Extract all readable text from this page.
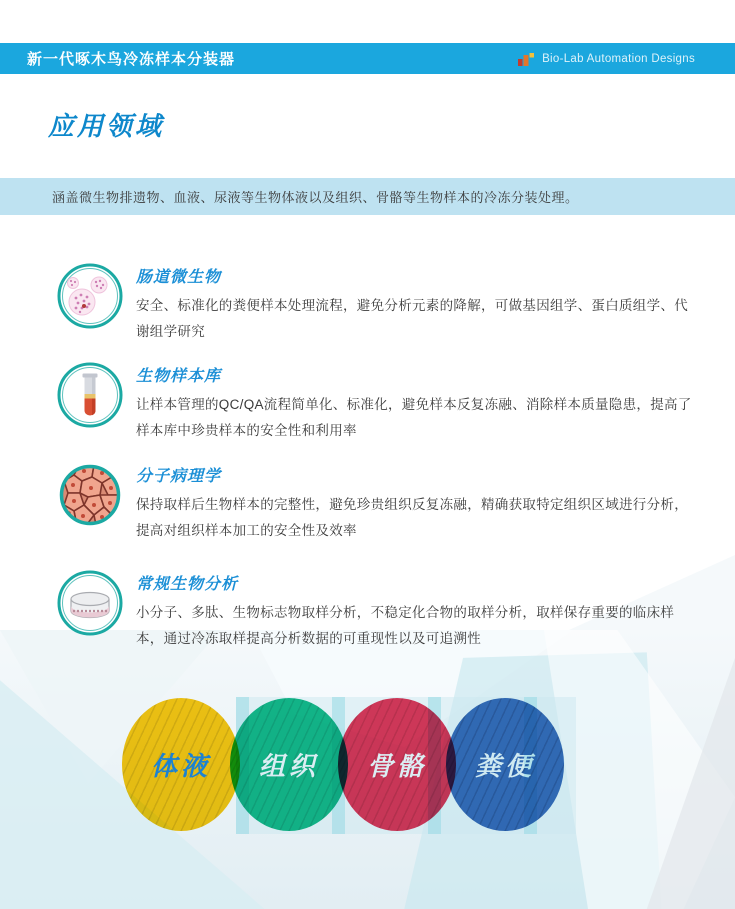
新一代啄木鸟冷冻样本分装器	Bio-Lab Automation Designs
应用领域
涵盖微生物排遗物、血液、尿液等生物体液以及组织、骨骼等生物样本的冷冻分装处理。
肠道微生物
安全、标准化的粪便样本处理流程，避免分析元素的降解，可做基因组学、蛋白质组学、代谢组学研究
生物样本库
让样本管理的QC/QA流程简单化、标准化，避免样本反复冻融、消除样本质量隐患，提高了样本库中珍贵样本的安全性和利用率
分子病理学
保持取样后生物样本的完整性，避免珍贵组织反复冻融，精确获取特定组织区域进行分析，提高对组织样本加工的安全性及效率
常规生物分析
小分子、多肽、生物标志物取样分析，不稳定化合物的取样分析，取样保存重要的临床样本，通过冷冻取样提高分析数据的可重现性以及可追溯性
体液 组织 骨骼 粪便
